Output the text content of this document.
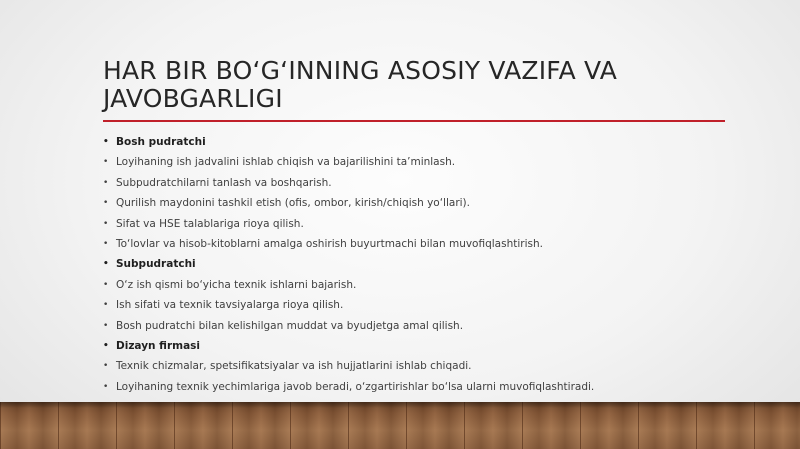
HAR BIR BO‘G‘INNING ASOSIY VAZIFA VA JAVOBGARLIGI
• Bosh pudratchi
• Loyihaning ish jadvalini ishlab chiqish va bajarilishini ta’minlash.
• Subpudratchilarni tanlash va boshqarish.
• Qurilish maydonini tashkil etish (ofis, ombor, kirish/chiqish yo‘llari).
• Sifat va HSE talablariga rioya qilish.
• To‘lovlar va hisob-kitoblarni amalga oshirish buyurtmachi bilan muvofiqlashtirish.
• Subpudratchi
• O‘z ish qismi bo‘yicha texnik ishlarni bajarish.
• Ish sifati va texnik tavsiyalarga rioya qilish.
• Bosh pudratchi bilan kelishilgan muddat va byudjetga amal qilish.
• Dizayn firmasi
• Texnik chizmalar, spetsifikatsiyalar va ish hujjatlarini ishlab chiqadi.
• Loyihaning texnik yechimlariga javob beradi, o‘zgartirishlar bo‘lsa ularni muvofiqlashtiradi.
